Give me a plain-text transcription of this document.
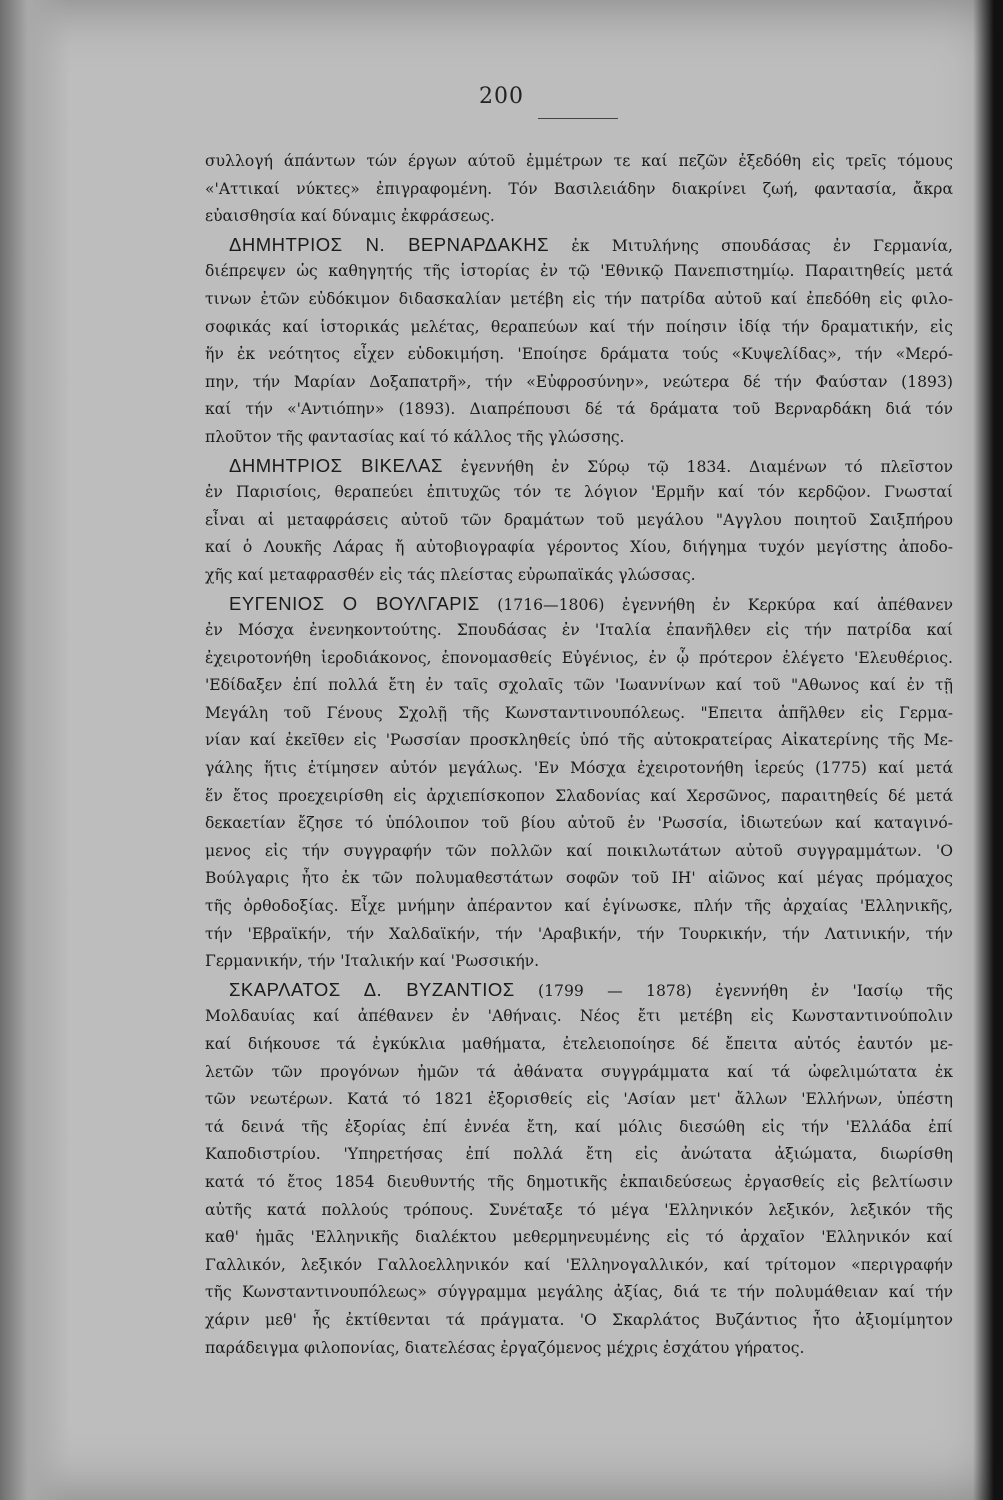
200
συλλογή άπάντων τών έργων αύτοῦ ἐμμέτρων τε καί πεζῶν ἐξεδόθη εἰς τρεῖς τόμους
«'Αττικαί νύκτες» ἐπιγραφομένη. Τόν Βασιλειάδην διακρίνει ζωή, φαντασία, ἄκρα
εὐαισθησία καί δύναμις ἐκφράσεως.
ΔΗΜΗΤΡΙΟΣ Ν. ΒΕΡΝΑΡΔΑΚΗΣ ἐκ Μιτυλήνης σπουδάσας ἐν Γερμανία,
διέπρεψεν ὡς καθηγητής τῆς ἱστορίας ἐν τῷ 'Εθνικῷ Πανεπιστημίῳ. Παραιτηθείς μετά
τινων ἐτῶν εὐδόκιμον διδασκαλίαν μετέβη εἰς τήν πατρίδα αὐτοῦ καί ἐπεδόθη εἰς φιλο-
σοφικάς καί ἱστορικάς μελέτας, θεραπεύων καί τήν ποίησιν ἰδίᾳ τήν δραματικήν, εἰς
ἥν ἐκ νεότητος εἶχεν εὐδοκιμήση. 'Εποίησε δράματα τούς «Κυψελίδας», τήν «Μερό-
πην, τήν Μαρίαν Δοξαπατρῆ», τήν «Εὐφροσύνην», νεώτερα δέ τήν Φαύσταν (1893)
καί τήν «'Αντιόπην» (1893). Διαπρέπουσι δέ τά δράματα τοῦ Βερναρδάκη διά τόν
πλοῦτον τῆς φαντασίας καί τό κάλλος τῆς γλώσσης.
ΔΗΜΗΤΡΙΟΣ ΒΙΚΕΛΑΣ ἐγεννήθη ἐν Σύρῳ τῷ 1834. Διαμένων τό πλεῖστον
ἐν Παρισίοις, θεραπεύει ἐπιτυχῶς τόν τε λόγιον 'Ερμῆν καί τόν κερδῷον. Γνωσταί
εἶναι αἱ μεταφράσεις αὐτοῦ τῶν δραμάτων τοῦ μεγάλου "Αγγλου ποιητοῦ Σαιξπήρου
καί ὁ Λουκῆς Λάρας ἤ αὐτοβιογραφία γέροντος Χίου, διήγημα τυχόν μεγίστης ἀποδο-
χῆς καί μεταφρασθέν εἰς τάς πλείστας εὐρωπαϊκάς γλώσσας.
ΕΥΓΕΝΙΟΣ Ο ΒΟΥΛΓΑΡΙΣ (1716—1806) ἐγεννήθη ἐν Κερκύρα καί ἀπέθανεν
ἐν Μόσχα ἐνενηκοντούτης. Σπουδάσας ἐν 'Ιταλία ἐπανῆλθεν εἰς τήν πατρίδα καί
ἐχειροτονήθη ἱεροδιάκονος, ἐπονομασθείς Εὐγένιος, ἐν ᾧ πρότερον ἐλέγετο 'Ελευθέριος.
'Εδίδαξεν ἐπί πολλά ἔτη ἐν ταῖς σχολαῖς τῶν 'Ιωαννίνων καί τοῦ "Αθωνος καί ἐν τῇ
Μεγάλη τοῦ Γένους Σχολῇ τῆς Κωνσταντινουπόλεως. "Επειτα ἀπῆλθεν εἰς Γερμα-
νίαν καί ἐκεῖθεν εἰς 'Ρωσσίαν προσκληθείς ὑπό τῆς αὐτοκρατείρας Αἰκατερίνης τῆς Με-
γάλης ἥτις ἐτίμησεν αὐτόν μεγάλως. 'Εν Μόσχα ἐχειροτονήθη ἱερεύς (1775) καί μετά
ἕν ἔτος προεχειρίσθη εἰς ἀρχιεπίσκοπον Σλαδονίας καί Χερσῶνος, παραιτηθείς δέ μετά
δεκαετίαν ἔζησε τό ὑπόλοιπον τοῦ βίου αὐτοῦ ἐν 'Ρωσσία, ἰδιωτεύων καί καταγινό-
μενος εἰς τήν συγγραφήν τῶν πολλῶν καί ποικιλωτάτων αὐτοῦ συγγραμμάτων. 'Ο
Βούλγαρις ἦτο ἐκ τῶν πολυμαθεστάτων σοφῶν τοῦ ΙΗ' αἰῶνος καί μέγας πρόμαχος
τῆς ὀρθοδοξίας. Εἶχε μνήμην ἀπέραντον καί ἐγίνωσκε, πλήν τῆς ἀρχαίας 'Ελληνικῆς,
τήν 'Εβραϊκήν, τήν Χαλδαϊκήν, τήν 'Αραβικήν, τήν Τουρκικήν, τήν Λατινικήν, τήν
Γερμανικήν, τήν 'Ιταλικήν καί 'Ρωσσικήν.
ΣΚΑΡΛΑΤΟΣ Δ. ΒΥΖΑΝΤΙΟΣ (1799 — 1878) ἐγεννήθη ἐν 'Ιασίῳ τῆς
Μολδαυίας καί ἀπέθανεν ἐν 'Αθήναις. Νέος ἔτι μετέβη εἰς Κωνσταντινούπολιν
καί διήκουσε τά ἐγκύκλια μαθήματα, ἐτελειοποίησε δέ ἔπειτα αὐτός ἑαυτόν με-
λετῶν τῶν προγόνων ἡμῶν τά ἀθάνατα συγγράμματα καί τά ὠφελιμώτατα ἐκ
τῶν νεωτέρων. Κατά τό 1821 ἐξορισθείς εἰς 'Ασίαν μετ' ἄλλων 'Ελλήνων, ὑπέστη
τά δεινά τῆς ἐξορίας ἐπί ἐννέα ἔτη, καί μόλις διεσώθη εἰς τήν 'Ελλάδα ἐπί
Καποδιστρίου. 'Υπηρετήσας ἐπί πολλά ἔτη εἰς ἀνώτατα ἀξιώματα, διωρίσθη
κατά τό ἔτος 1854 διευθυντής τῆς δημοτικῆς ἐκπαιδεύσεως ἐργασθείς εἰς βελτίωσιν
αὐτῆς κατά πολλούς τρόπους. Συνέταξε τό μέγα 'Ελληνικόν λεξικόν, λεξικόν τῆς
καθ' ἡμᾶς 'Ελληνικῆς διαλέκτου μεθερμηνευμένης εἰς τό ἀρχαῖον 'Ελληνικόν καί
Γαλλικόν, λεξικόν Γαλλοελληνικόν καί 'Ελληνογαλλικόν, καί τρίτομον «περιγραφήν
τῆς Κωνσταντινουπόλεως» σύγγραμμα μεγάλης ἀξίας, διά τε τήν πολυμάθειαν καί τήν
χάριν μεθ' ἧς ἐκτίθενται τά πράγματα. 'Ο Σκαρλάτος Βυζάντιος ἦτο ἀξιομίμητον
παράδειγμα φιλοπονίας, διατελέσας ἐργαζόμενος μέχρις ἐσχάτου γήρατος.
